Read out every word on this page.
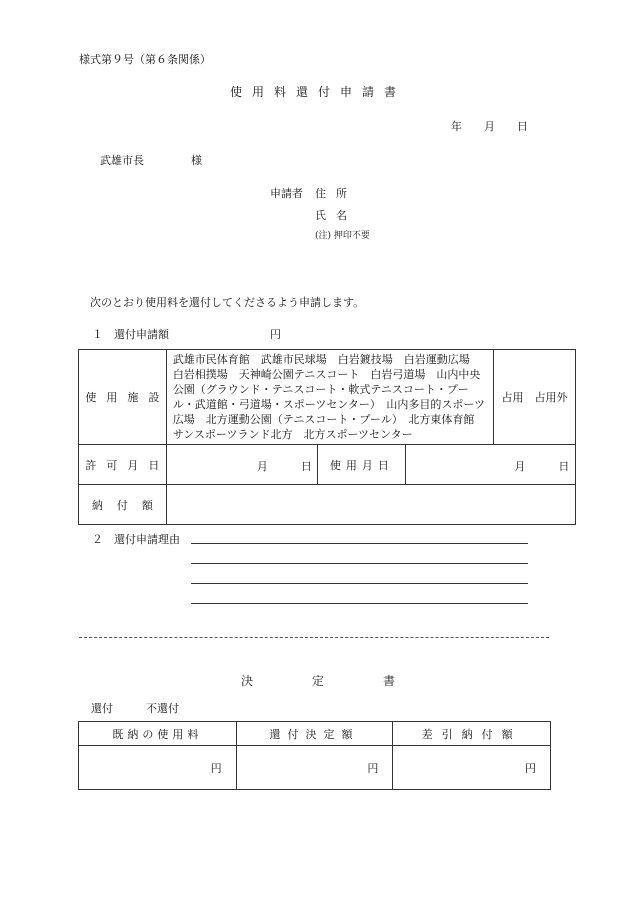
様式第９号（第６条関係）
使用料還付申請書
年 月 日
武雄市長	様
申請者 住所
氏名
(注) 押印不要
次のとおり使用料を還付してくださるよう申請します。
１　還付申請額	円
使用施設	武雄市民体育館　武雄市民球場　白岩鍍技場　白岩運動広場　白岩相撲場　天神崎公園テニスコート　白岩弓道場　山内中央公園（グラウンド・テニスコート・軟式テニスコート・プール・武道館・弓道場・スポーツセンター）　山内多目的スポーツ広場　北方運動公園（テニスコート・プール）　北方東体育館　サンスポーツランド北方　北方スポーツセンター			占用　占用外
許可月日	月 日	使用月日	月 日	

納付額				
２　還付申請理由
決定書
還付	不還付
既納の使用料	還付決定額	差引納付額
円	円	円
